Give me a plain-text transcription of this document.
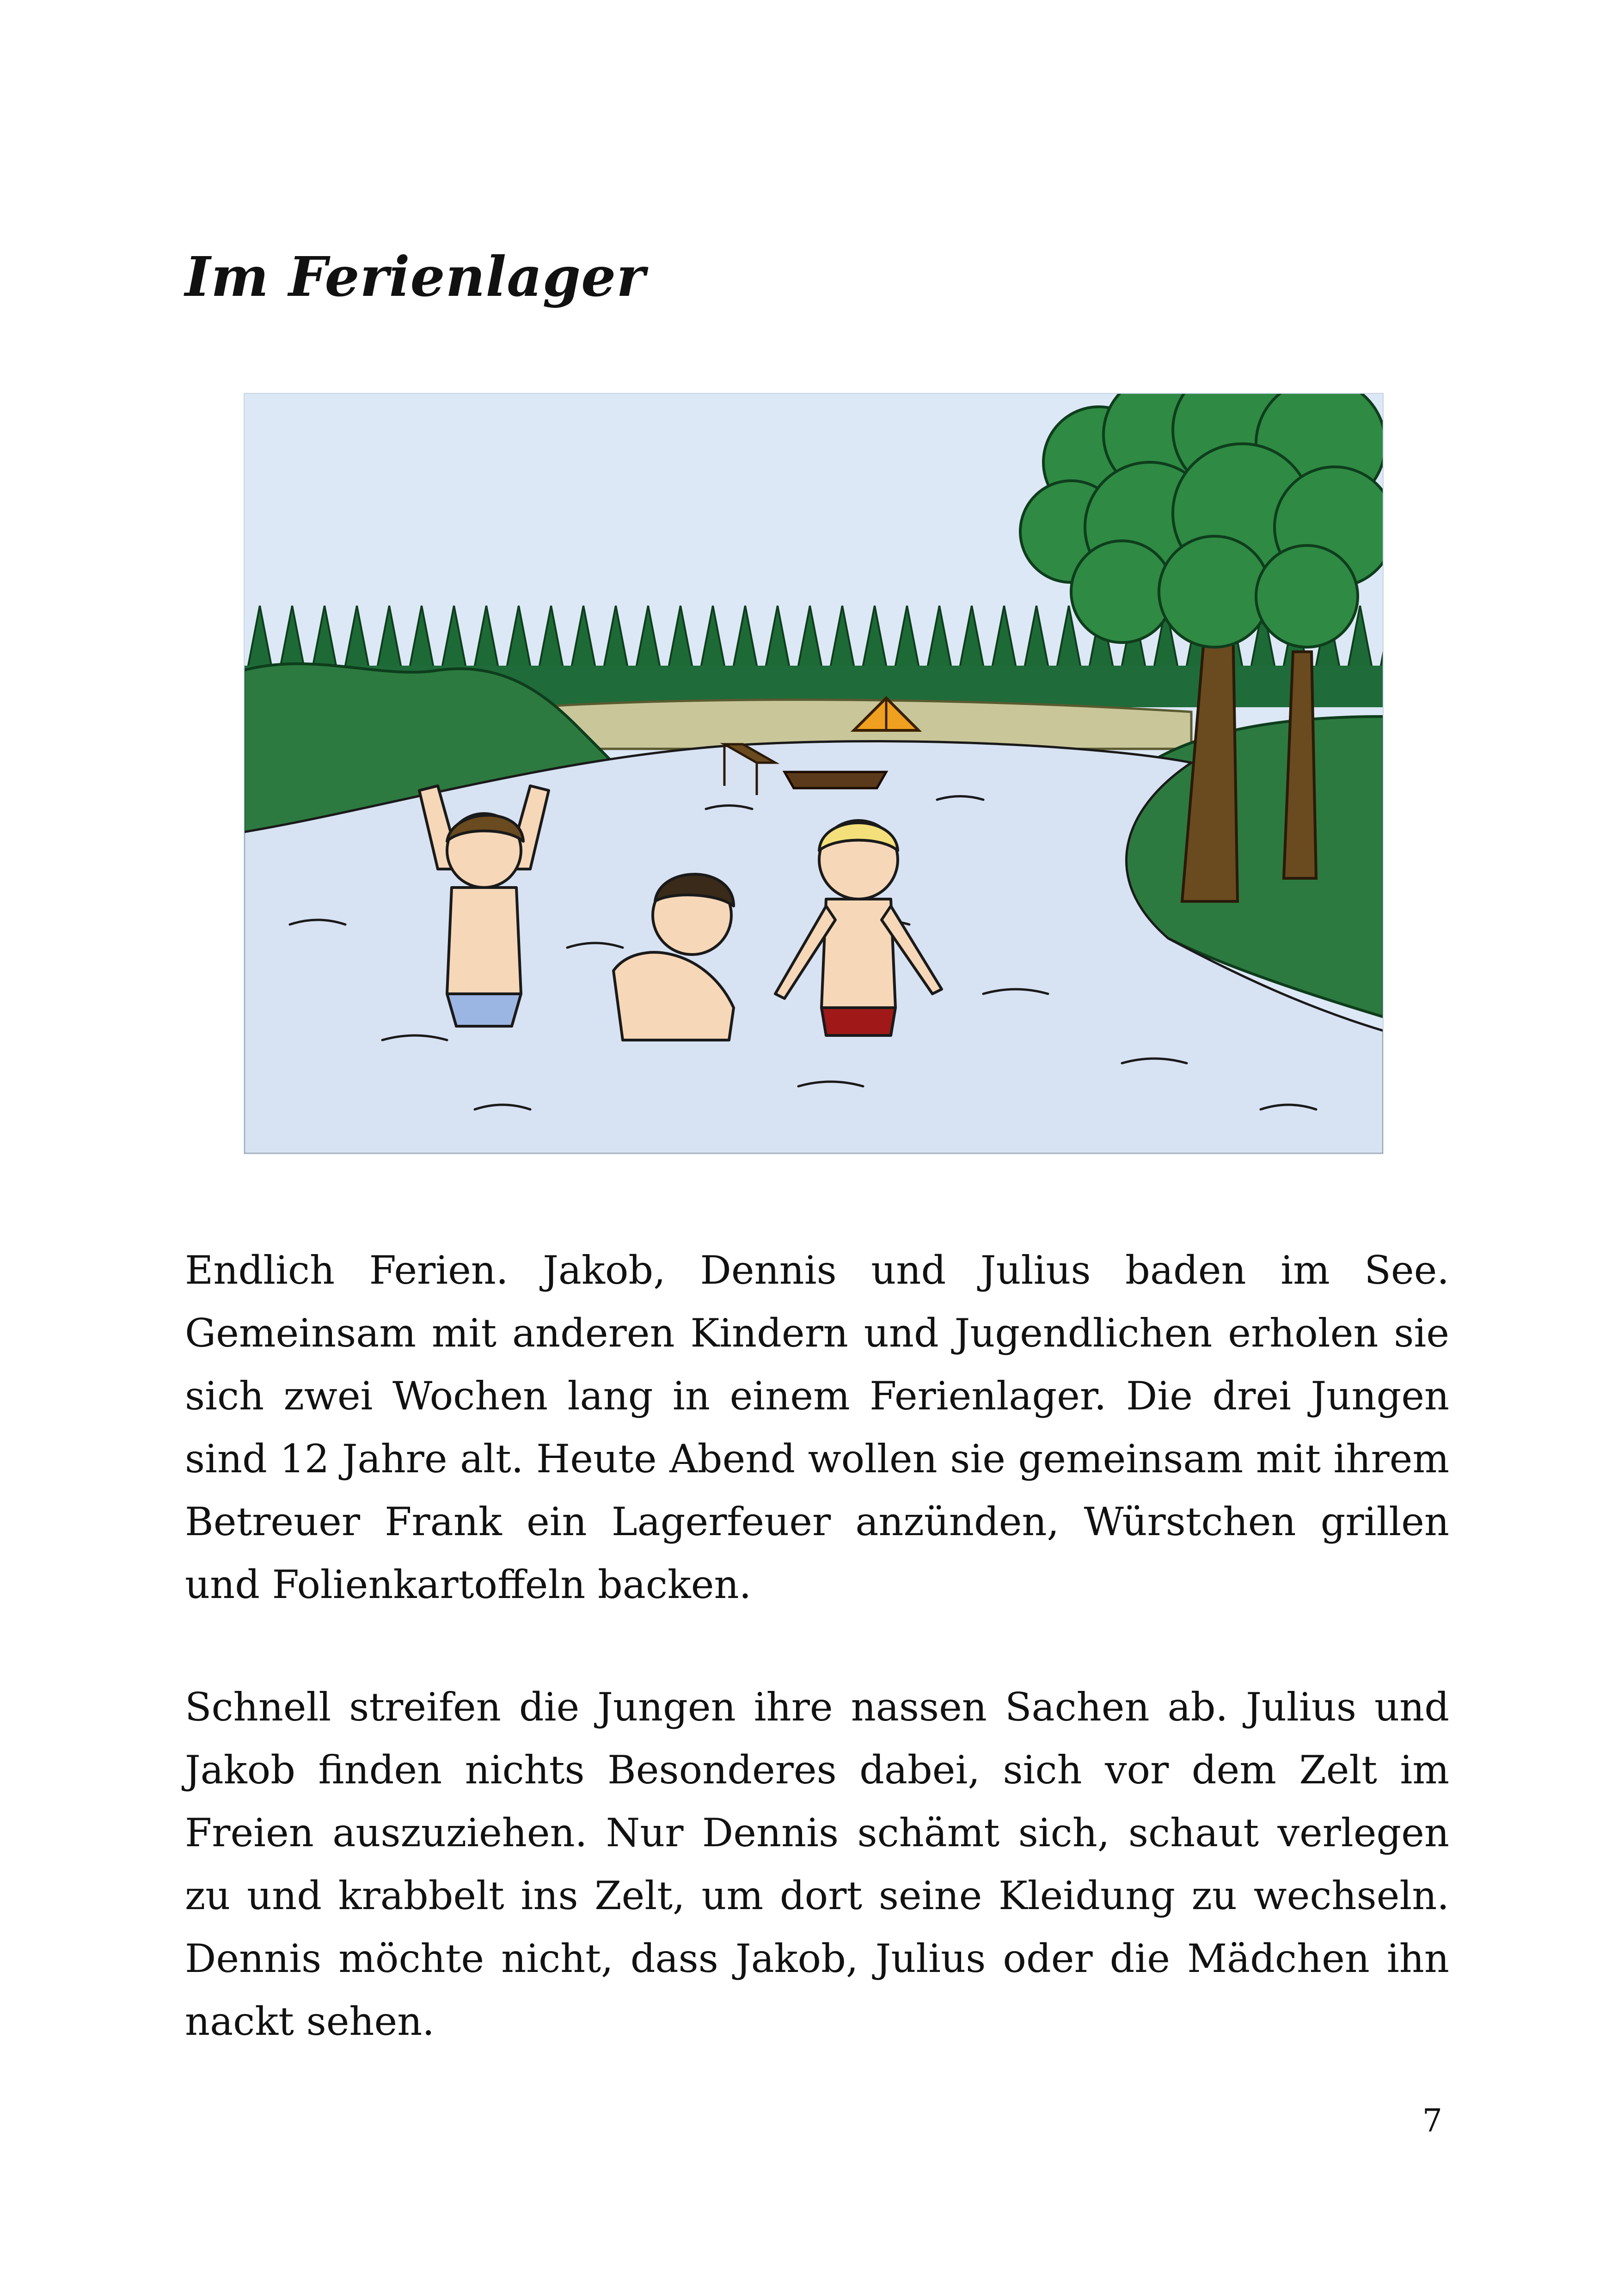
Im Ferienlager

Endlich Ferien. Jakob, Dennis und Julius baden im See. Gemeinsam mit anderen Kindern und Jugendlichen erholen sie sich zwei Wochen lang in einem Ferienlager. Die drei Jungen sind 12 Jahre alt. Heute Abend wollen sie gemeinsam mit ihrem Betreuer Frank ein Lagerfeuer anzünden, Würstchen grillen und Folienkartoffeln backen.

Schnell streifen die Jungen ihre nassen Sachen ab. Julius und Jakob finden nichts Besonderes dabei, sich vor dem Zelt im Freien auszuziehen. Nur Dennis schämt sich, schaut verlegen zu und krabbelt ins Zelt, um dort seine Kleidung zu wechseln. Dennis möchte nicht, dass Jakob, Julius oder die Mädchen ihn nackt sehen.

7
